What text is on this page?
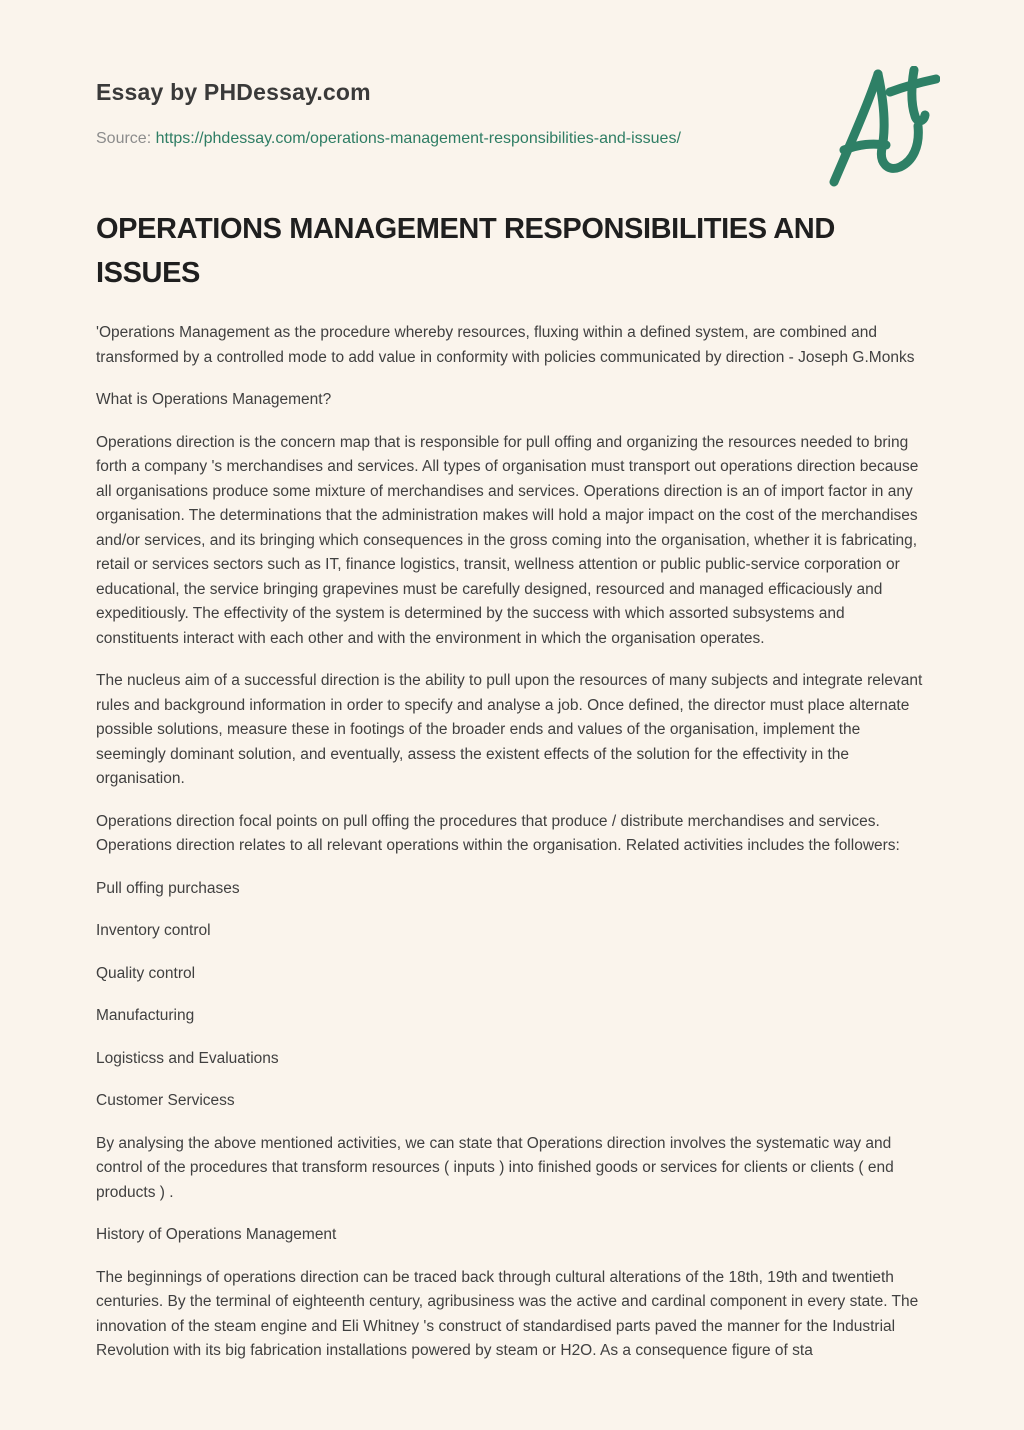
Essay by PHDessay.com
Source: https://phdessay.com/operations-management-responsibilities-and-issues/
OPERATIONS MANAGEMENT RESPONSIBILITIES AND
ISSUES

'Operations Management as the procedure whereby resources, fluxing within a defined system, are combined and transformed by a controlled mode to add value in conformity with policies communicated by direction - Joseph G.Monks

What is Operations Management?

Operations direction is the concern map that is responsible for pull offing and organizing the resources needed to bring forth a company 's merchandises and services. All types of organisation must transport out operations direction because all organisations produce some mixture of merchandises and services. Operations direction is an of import factor in any organisation. The determinations that the administration makes will hold a major impact on the cost of the merchandises and/or services, and its bringing which consequences in the gross coming into the organisation, whether it is fabricating, retail or services sectors such as IT, finance logistics, transit, wellness attention or public public-service corporation or educational, the service bringing grapevines must be carefully designed, resourced and managed efficaciously and expeditiously. The effectivity of the system is determined by the success with which assorted subsystems and constituents interact with each other and with the environment in which the organisation operates.

The nucleus aim of a successful direction is the ability to pull upon the resources of many subjects and integrate relevant rules and background information in order to specify and analyse a job. Once defined, the director must place alternate possible solutions, measure these in footings of the broader ends and values of the organisation, implement the seemingly dominant solution, and eventually, assess the existent effects of the solution for the effectivity in the organisation.

Operations direction focal points on pull offing the procedures that produce / distribute merchandises and services. Operations direction relates to all relevant operations within the organisation. Related activities includes the followers:

Pull offing purchases

Inventory control

Quality control

Manufacturing

Logisticss and Evaluations

Customer Servicess

By analysing the above mentioned activities, we can state that Operations direction involves the systematic way and control of the procedures that transform resources ( inputs ) into finished goods or services for clients or clients ( end products ) .

History of Operations Management

The beginnings of operations direction can be traced back through cultural alterations of the 18th, 19th and twentieth centuries. By the terminal of eighteenth century, agribusiness was the active and cardinal component in every state. The innovation of the steam engine and Eli Whitney 's construct of standardised parts paved the manner for the Industrial Revolution with its big fabrication installations powered by steam or H2O. As a consequence figure of sta
